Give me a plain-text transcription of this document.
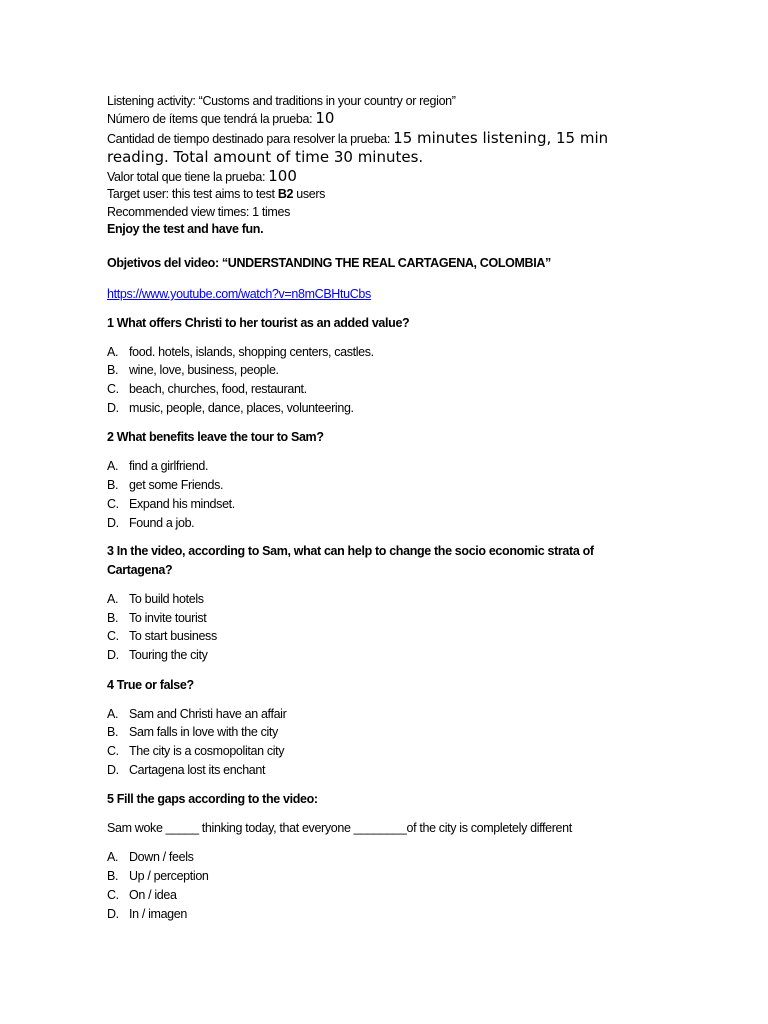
Listening activity: “Customs and traditions in your country or region”

Número de ítems que tendrá la prueba: 10

Cantidad de tiempo destinado para resolver la prueba: 15 minutes listening, 15 min

reading. Total amount of time 30 minutes.

Valor total que tiene la prueba: 100

Target user: this test aims to test B2 users

Recommended view times: 1 times

Enjoy the test and have fun.

Objetivos del video: “UNDERSTANDING THE REAL CARTAGENA, COLOMBIA”

https://www.youtube.com/watch?v=n8mCBHtuCbs

1 What offers Christi to her tourist as an added value?

A. food. hotels, islands, shopping centers, castles.

B. wine, love, business, people.

C. beach, churches, food, restaurant.

D. music, people, dance, places, volunteering.

2 What benefits leave the tour to Sam?

A. find a girlfriend.

B. get some Friends.

C. Expand his mindset.

D. Found a job.

3 In the video, according to Sam, what can help to change the socio economic strata of

Cartagena?

A. To build hotels

B. To invite tourist

C. To start business

D. Touring the city

4 True or false?

A. Sam and Christi have an affair

B. Sam falls in love with the city

C. The city is a cosmopolitan city

D. Cartagena lost its enchant

5 Fill the gaps according to the video:

Sam woke _____ thinking today, that everyone ________of the city is completely different

A. Down / feels

B. Up / perception

C. On / idea

D. In / imagen
